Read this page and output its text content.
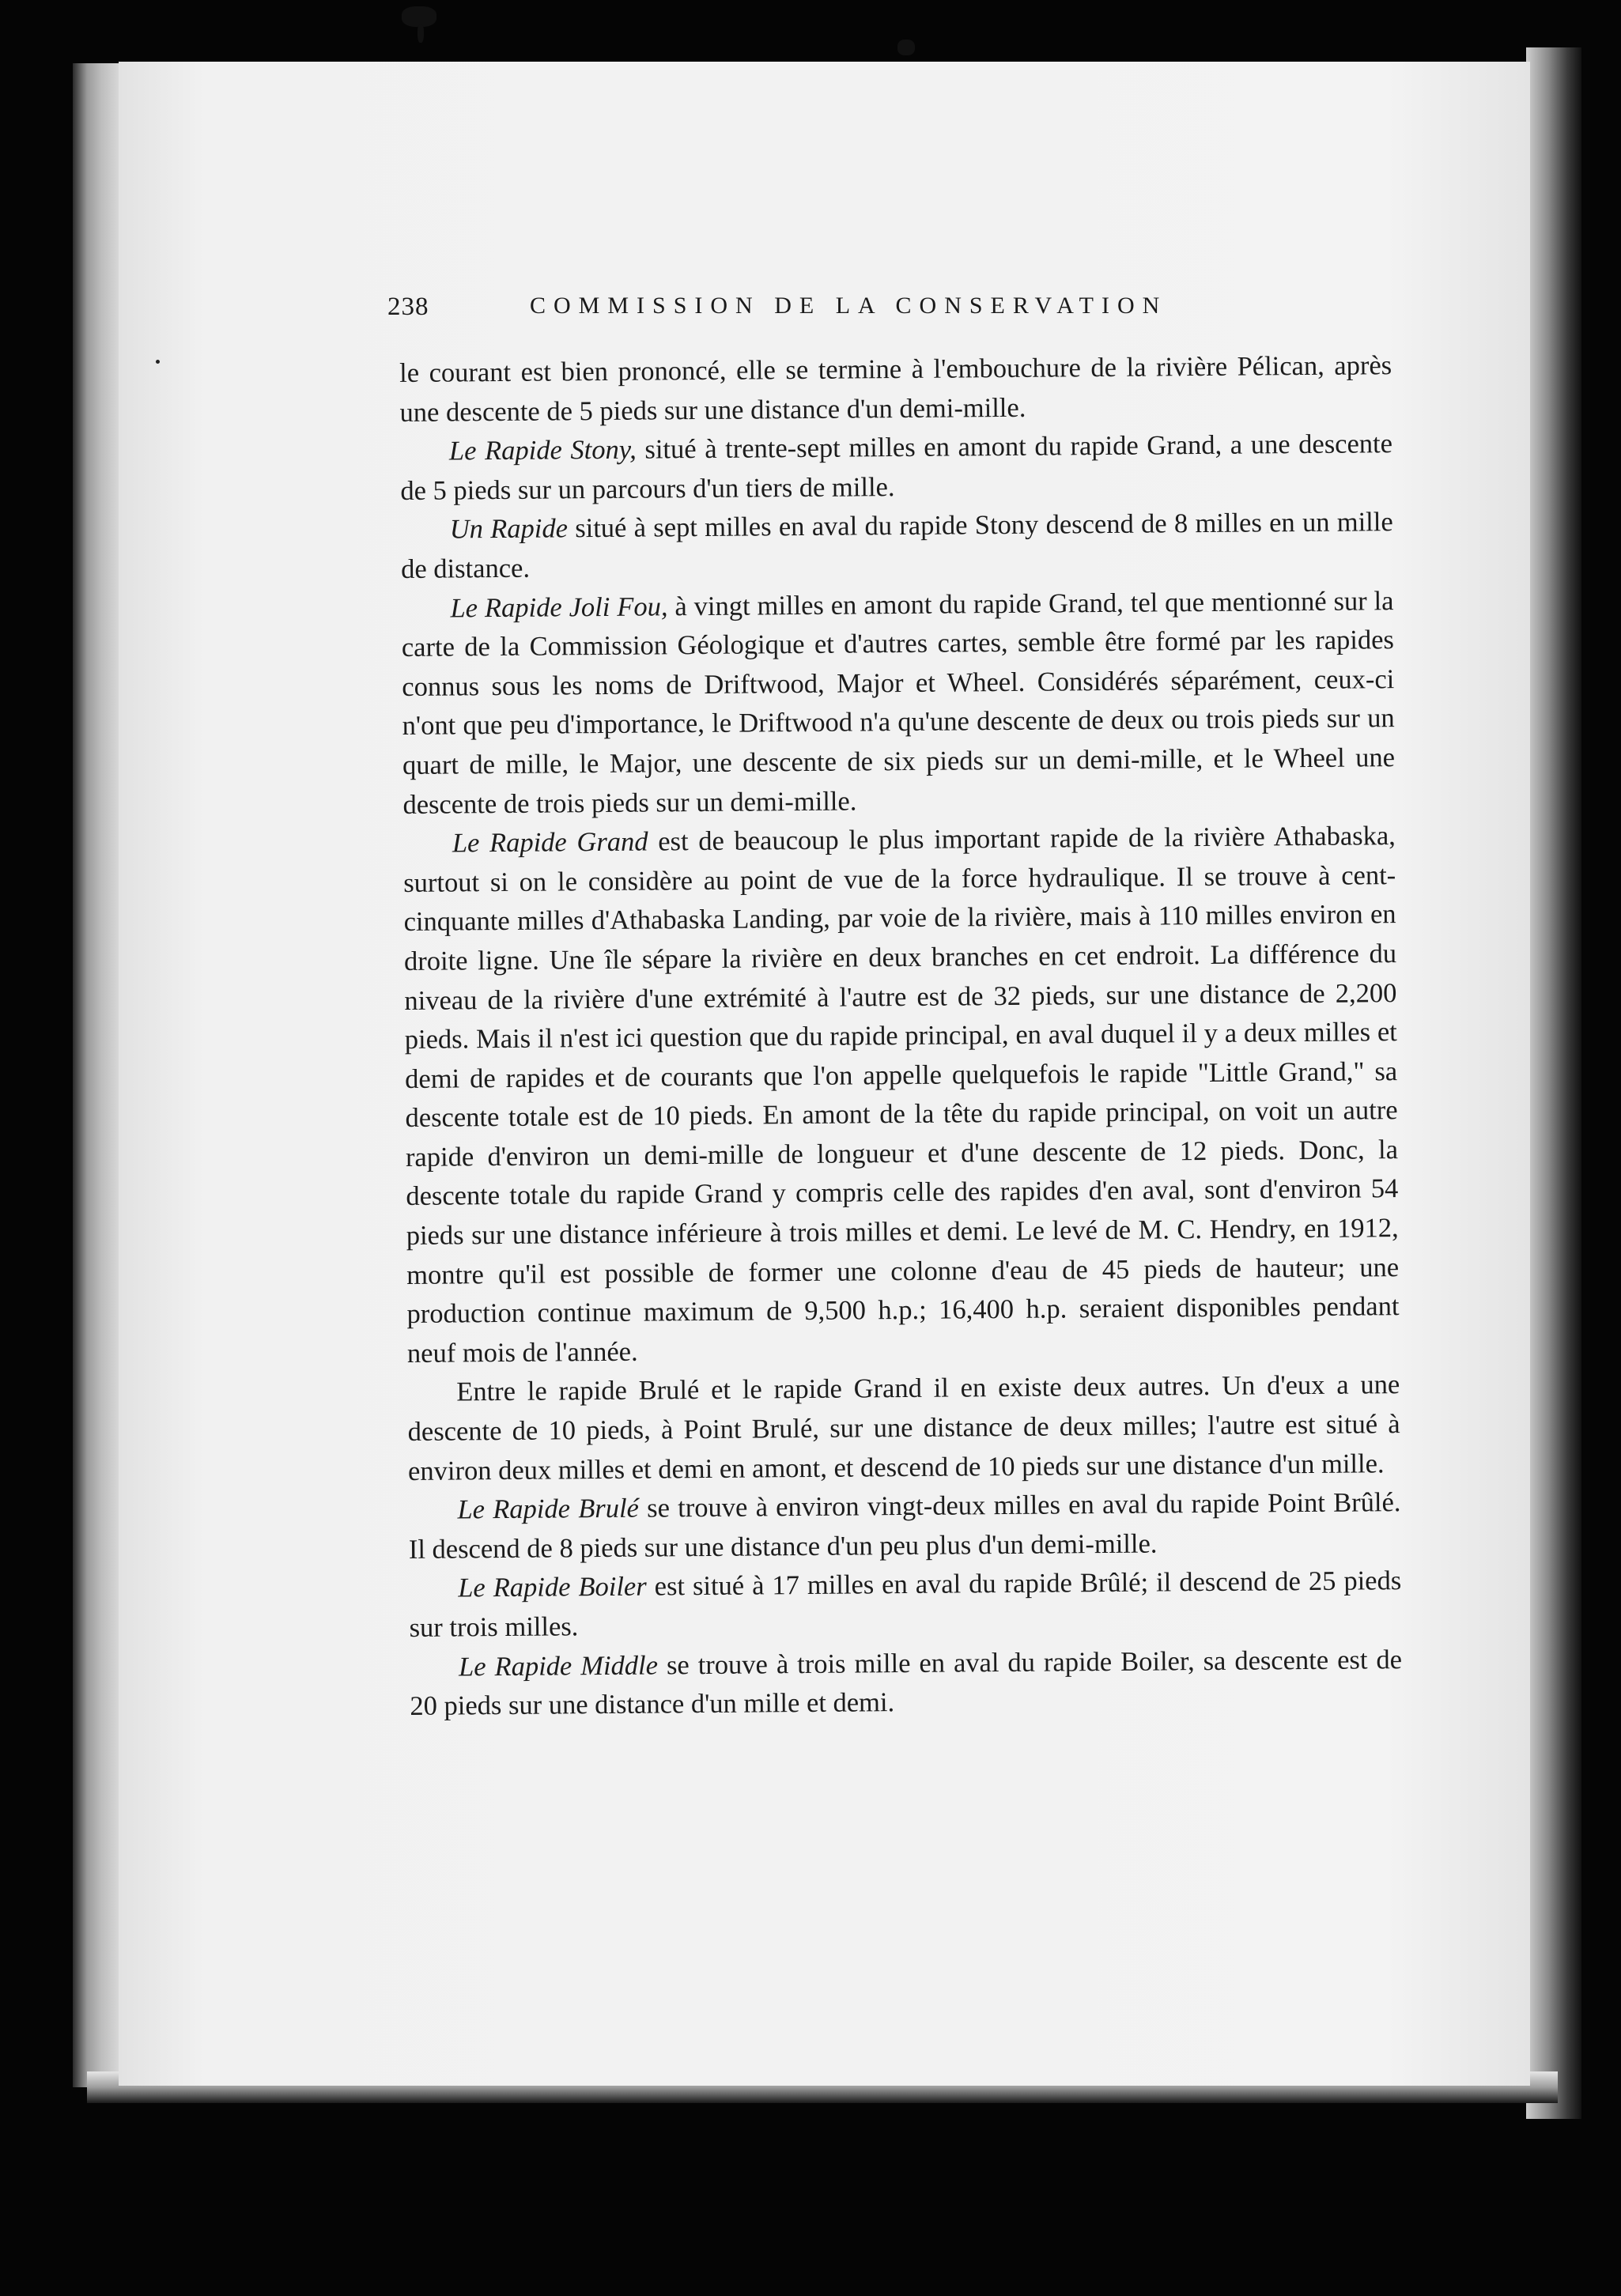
238	COMMISSION DE LA CONSERVATION

le courant est bien prononcé, elle se termine à l'embouchure de la rivière Pélican, après une descente de 5 pieds sur une distance d'un demi-mille.

Le Rapide Stony, situé à trente-sept milles en amont du rapide Grand, a une descente de 5 pieds sur un parcours d'un tiers de mille.

Un Rapide situé à sept milles en aval du rapide Stony descend de 8 milles en un mille de distance.

Le Rapide Joli Fou, à vingt milles en amont du rapide Grand, tel que mentionné sur la carte de la Commission Géologique et d'autres cartes, semble être formé par les rapides connus sous les noms de Driftwood, Major et Wheel. Considérés séparément, ceux-ci n'ont que peu d'importance, le Driftwood n'a qu'une descente de deux ou trois pieds sur un quart de mille, le Major, une descente de six pieds sur un demi-mille, et le Wheel une descente de trois pieds sur un demi-mille.

Le Rapide Grand est de beaucoup le plus important rapide de la rivière Athabaska, surtout si on le considère au point de vue de la force hydraulique. Il se trouve à cent-cinquante milles d'Athabaska Landing, par voie de la rivière, mais à 110 milles environ en droite ligne. Une île sépare la rivière en deux branches en cet endroit. La différence du niveau de la rivière d'une extrémité à l'autre est de 32 pieds, sur une distance de 2,200 pieds. Mais il n'est ici question que du rapide principal, en aval duquel il y a deux milles et demi de rapides et de courants que l'on appelle quelquefois le rapide "Little Grand," sa descente totale est de 10 pieds. En amont de la tête du rapide principal, on voit un autre rapide d'environ un demi-mille de longueur et d'une descente de 12 pieds. Donc, la descente totale du rapide Grand y compris celle des rapides d'en aval, sont d'environ 54 pieds sur une distance inférieure à trois milles et demi. Le levé de M. C. Hendry, en 1912, montre qu'il est possible de former une colonne d'eau de 45 pieds de hauteur; une production continue maximum de 9,500 h.p.; 16,400 h.p. seraient disponibles pendant neuf mois de l'année.

Entre le rapide Brulé et le rapide Grand il en existe deux autres. Un d'eux a une descente de 10 pieds, à Point Brulé, sur une distance de deux milles; l'autre est situé à environ deux milles et demi en amont, et descend de 10 pieds sur une distance d'un mille.

Le Rapide Brulé se trouve à environ vingt-deux milles en aval du rapide Point Brûlé. Il descend de 8 pieds sur une distance d'un peu plus d'un demi-mille.

Le Rapide Boiler est situé à 17 milles en aval du rapide Brûlé; il descend de 25 pieds sur trois milles.

Le Rapide Middle se trouve à trois mille en aval du rapide Boiler, sa descente est de 20 pieds sur une distance d'un mille et demi.
